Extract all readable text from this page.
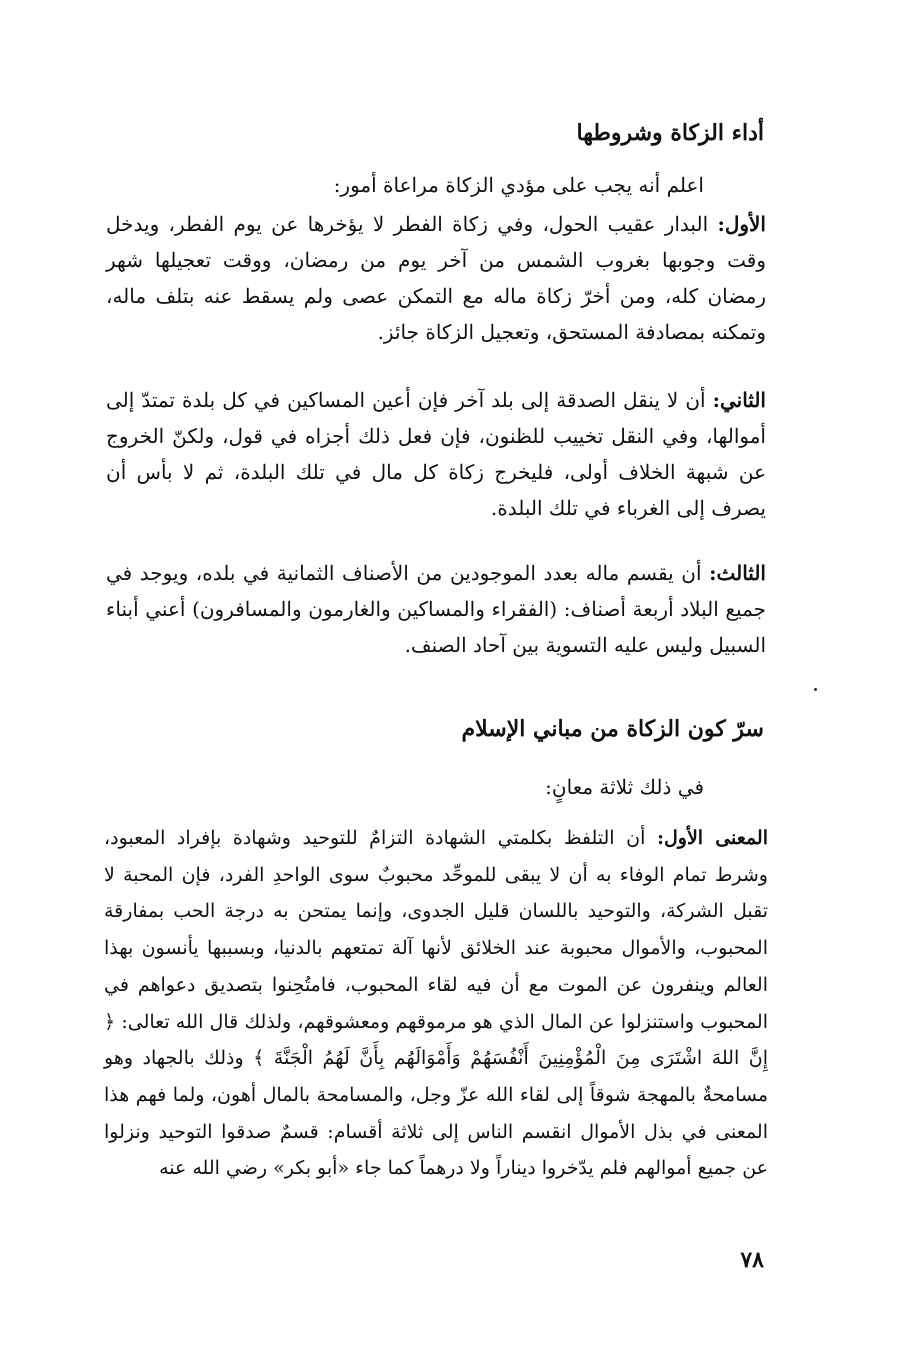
أداء الزكاة وشروطها
اعلم أنه يجب على مؤدي الزكاة مراعاة أمور:
الأول: البدار عقيب الحول، وفي زكاة الفطر لا يؤخرها عن يوم الفطر، ويدخل وقت وجوبها بغروب الشمس من آخر يوم من رمضان، ووقت تعجيلها شهر رمضان كله، ومن أخرّ زكاة ماله مع التمكن عصى ولم يسقط عنه بتلف ماله، وتمكنه بمصادفة المستحق، وتعجيل الزكاة جائز.
الثاني: أن لا ينقل الصدقة إلى بلد آخر فإن أعين المساكين في كل بلدة تمتدّ إلى أموالها، وفي النقل تخييب للظنون، فإن فعل ذلك أجزاه في قول، ولكنّ الخروج عن شبهة الخلاف أولى، فليخرج زكاة كل مال في تلك البلدة، ثم لا بأس أن يصرف إلى الغرباء في تلك البلدة.
الثالث: أن يقسم ماله بعدد الموجودين من الأصناف الثمانية في بلده، ويوجد في جميع البلاد أربعة أصناف: (الفقراء والمساكين والغارمون والمسافرون) أعني أبناء السبيل وليس عليه التسوية بين آحاد الصنف.
سرّ كون الزكاة من مباني الإسلام
في ذلك ثلاثة معانٍ:
المعنى الأول: أن التلفظ بكلمتي الشهادة التزامٌ للتوحيد وشهادة بإفراد المعبود، وشرط تمام الوفاء به أن لا يبقى للموحِّد محبوبٌ سوى الواحدِ الفرد، فإن المحبة لا تقبل الشركة، والتوحيد باللسان قليل الجدوى، وإنما يمتحن به درجة الحب بمفارقة المحبوب، والأموال محبوبة عند الخلائق لأنها آلة تمتعهم بالدنيا، وبسببها يأنسون بهذا العالم وينفرون عن الموت مع أن فيه لقاء المحبوب، فامتُحِنوا بتصديق دعواهم في المحبوب واستنزلوا عن المال الذي هو مرموقهم ومعشوقهم، ولذلك قال الله تعالى: ﴿ إِنَّ اللهَ اشْتَرَى مِنَ الْمُؤْمِنِينَ أَنْفُسَهُمْ وَأَمْوَالَهُم بِأَنَّ لَهُمُ الْجَنَّةَ ﴾ وذلك بالجهاد وهو مسامحةٌ بالمهجة شوقاً إلى لقاء الله عزّ وجل، والمسامحة بالمال أهون، ولما فهم هذا المعنى في بذل الأموال انقسم الناس إلى ثلاثة أقسام: قسمٌ صدقوا التوحيد ونزلوا عن جميع أموالهم فلم يدّخروا ديناراً ولا درهماً كما جاء «أبو بكر» رضي الله عنه
٧٨
